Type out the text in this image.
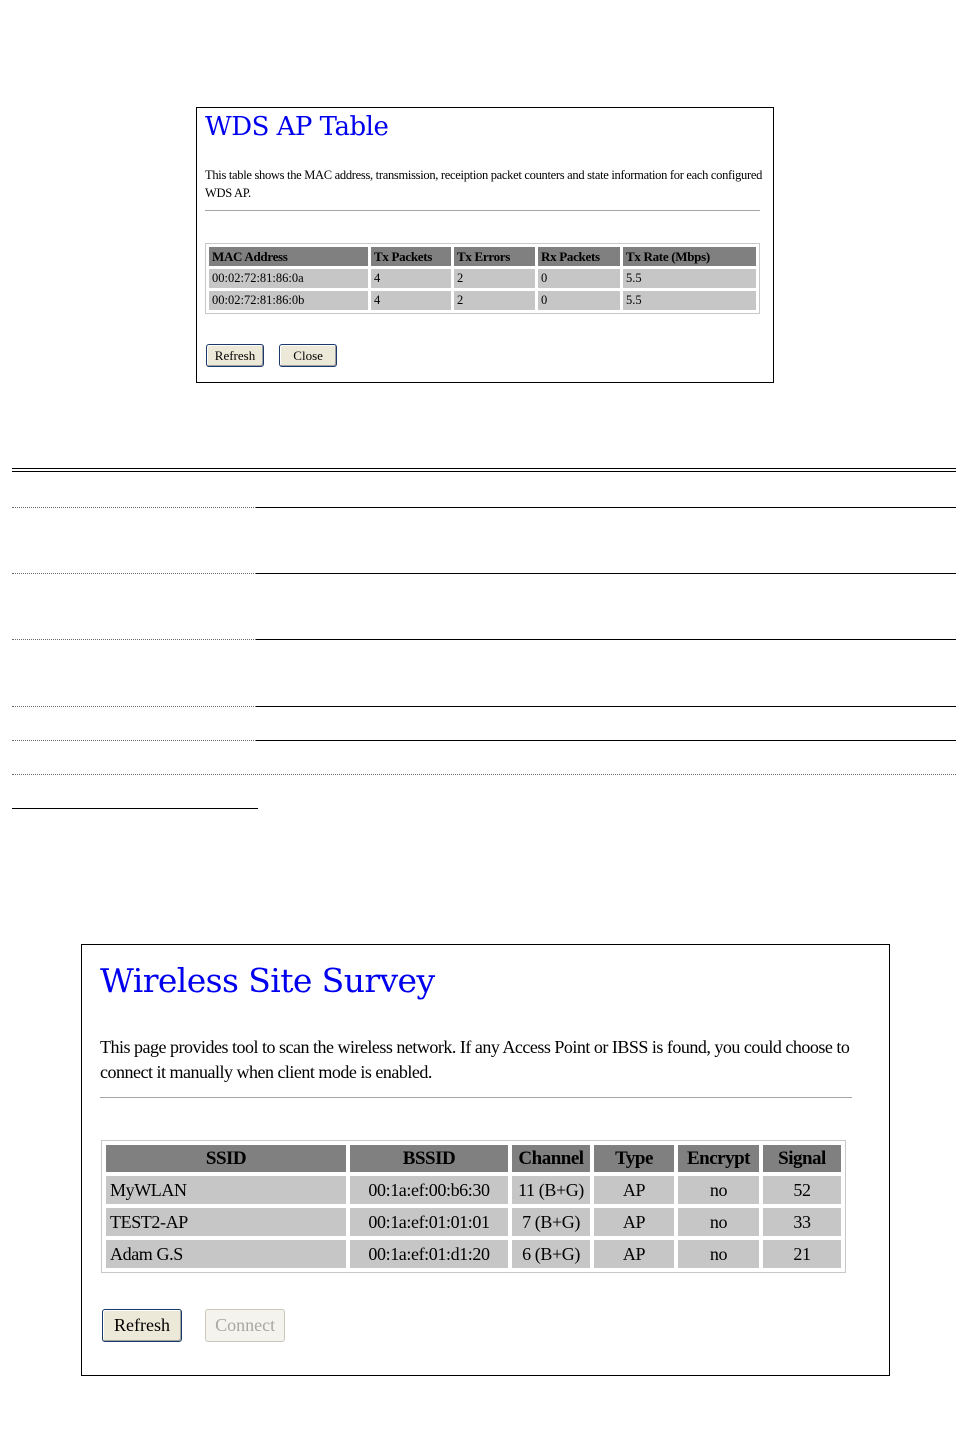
WDS AP Table

This table shows the MAC address, transmission, receiption packet counters and state information for each configured WDS AP.

MAC Address	Tx Packets	Tx Errors	Rx Packets	Tx Rate (Mbps)
00:02:72:81:86:0a	4	2	0	5.5
00:02:72:81:86:0b	4	2	0	5.5
Refresh	Close
Wireless Site Survey

This page provides tool to scan the wireless network. If any Access Point or IBSS is found, you could choose to connect it manually when client mode is enabled.

SSID	BSSID	Channel	Type	Encrypt	Signal
MyWLAN	00:1a:ef:00:b6:30	11 (B+G)	AP	no	52
TEST2-AP	00:1a:ef:01:01:01	7 (B+G)	AP	no	33
Adam G.S	00:1a:ef:01:d1:20	6 (B+G)	AP	no	21
Refresh	Connect
